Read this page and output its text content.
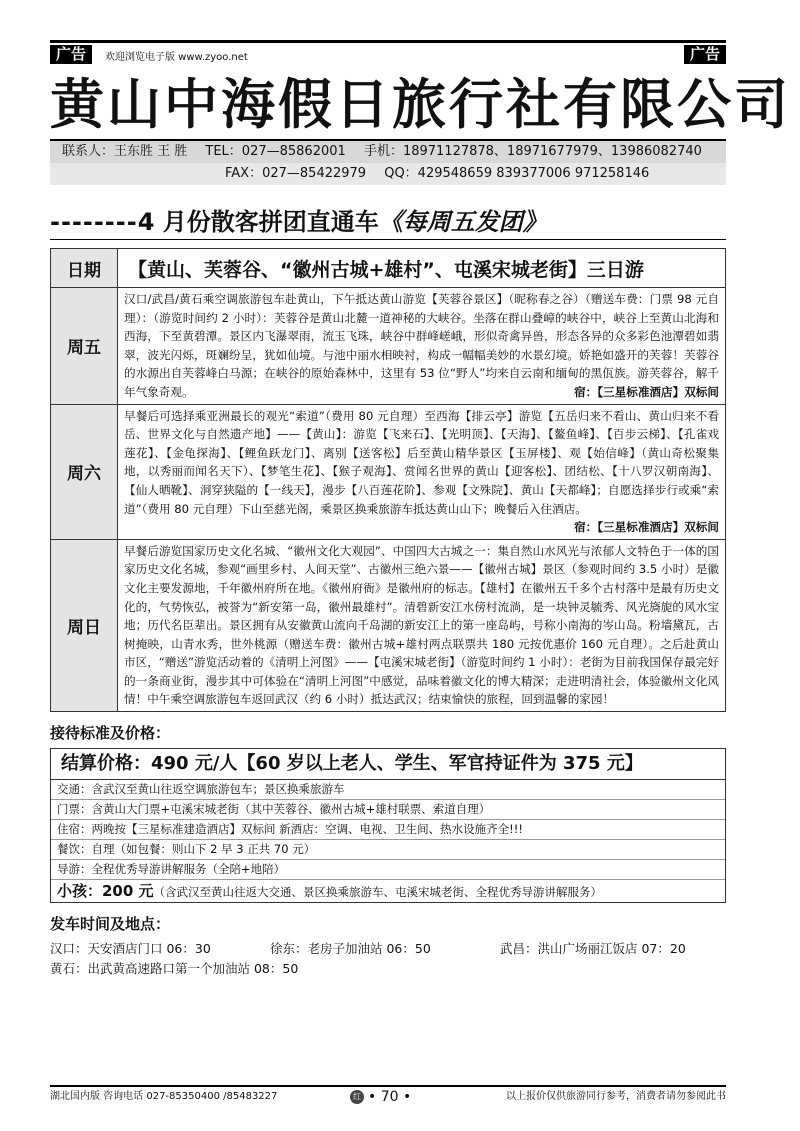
广告	欢迎浏览电子版 www.zyoo.net	广告
黄山中海假日旅行社有限公司
联系人：王东胜 王 胜 TEL：027—85862001 手机：18971127878、18971677979、13986082740
FAX：027—85422979 QQ：429548659 839377006 971258146
--------4 月份散客拼团直通车《每周五发团》
日期	【黄山、芙蓉谷、“徽州古城+雄村”、屯溪宋城老街】三日游
周五	汉口/武昌/黄石乘空调旅游包车赴黄山，下午抵达黄山游览【芙蓉谷景区】（昵称春之谷）（赠送车费：门票 98 元自理）：（游览时间约 2 小时）：芙蓉谷是黄山北麓一道神秘的大峡谷。坐落在群山叠嶂的峡谷中，峡谷上至黄山北海和西海，下至黄碧潭。景区内飞瀑翠雨，流玉飞珠，峡谷中群峰嵯峨，形似奇禽异兽，形态各异的众多彩色池潭碧如翡翠，波光闪烁，斑斓纷呈，犹如仙境。与池中丽水相映衬，构成一幅幅美妙的水景幻境。娇艳如盛开的芙蓉！芙蓉谷的水源出自芙蓉峰白马源；在峡谷的原始森林中，这里有 53 位“野人”均来自云南和缅甸的黑佤族。游芙蓉谷，解千年气象奇观。 宿：【三星标准酒店】双标间

周六	早餐后可选择乘亚洲最长的观光“索道”（费用 80 元自理）至西海【排云亭】游览【五岳归来不看山、黄山归来不看岳、世界文化与自然遗产地】——【黄山】：游览【飞来石】、【光明顶】、【天海】、【鳌鱼峰】、【百步云梯】、【孔雀戏莲花】、【金龟探海】、【鲤鱼跃龙门】、离别【送客松】后至黄山精华景区【玉屏楼】、观【始信峰】（黄山奇松聚集地，以秀丽而闻名天下）、【梦笔生花】、【猴子观海】、赏闻名世界的黄山【迎客松】、团结松、【十八罗汉朝南海】、【仙人晒靴】、洞穿狭隘的【一线天】，漫步【八百莲花阶】、参观【文殊院】、黄山【天都峰】；自愿选择步行或乘“索道”（费用 80 元自理）下山至慈光阁，乘景区换乘旅游车抵达黄山山下；晚餐后入住酒店。
宿：【三星标准酒店】双标间

周日	早餐后游览国家历史文化名城、“徽州文化大观园”、中国四大古城之一：集自然山水风光与浓郁人文特色于一体的国家历史文化名城，参观“画里乡村、人间天堂”、古徽州三绝六景——【徽州古城】景区（参观时间约 3.5 小时）是徽文化主要发源地，千年徽州府所在地。《徽州府衙》是徽州府的标志。【雄村】在徽州五千多个古村落中是最有历史文化的，气势恢弘，被誉为“新安第一岛，徽州最雄村”。清碧新安江水傍村流淌，是一块钟灵毓秀、风光旖旎的风水宝地；历代名臣辈出。景区拥有从安徽黄山流向千岛湖的新安江上的第一座岛屿，号称小南海的岑山岛。粉墙黛瓦，古树掩映，山青水秀，世外桃源（赠送车费：徽州古城+雄村两点联票共 180 元按优惠价 160 元自理）。之后赴黄山市区，“赠送”游览活动着的《清明上河图》——【屯溪宋城老街】（游览时间约 1 小时）：老街为目前我国保存最完好的一条商业街，漫步其中可体验在“清明上河图”中感觉，品味着徽文化的博大精深；走进明清社会，体验徽州文化风情！中午乘空调旅游包车返回武汉（约 6 小时）抵达武汉；结束愉快的旅程，回到温馨的家园！
接待标准及价格：
结算价格：490 元/人【60 岁以上老人、学生、军官持证件为 375 元】
交通：含武汉至黄山往返空调旅游包车；景区换乘旅游车
门票：含黄山大门票+屯溪宋城老街（其中芙蓉谷、徽州古城+雄村联票、索道自理）
住宿：两晚按【三星标准建造酒店】双标间 新酒店：空调、电视、卫生间、热水设施齐全!!!
餐饮：自理（如包餐：则山下 2 早 3 正共 70 元）
导游：全程优秀导游讲解服务（全陪+地陪）
小孩：200 元（含武汉至黄山往返大交通、景区换乘旅游车、屯溪宋城老街、全程优秀导游讲解服务）
发车时间及地点：
汉口：天安酒店门口 06：30	徐东：老房子加油站 06：50	武昌：洪山广场丽江饭店 07：20
黄石：出武黄高速路口第一个加油站 08：50
湖北国内版 咨询电话 027-85350400 /85483227	红 • 70 •	以上报价仅供旅游同行参考，消费者请勿参阅此书
